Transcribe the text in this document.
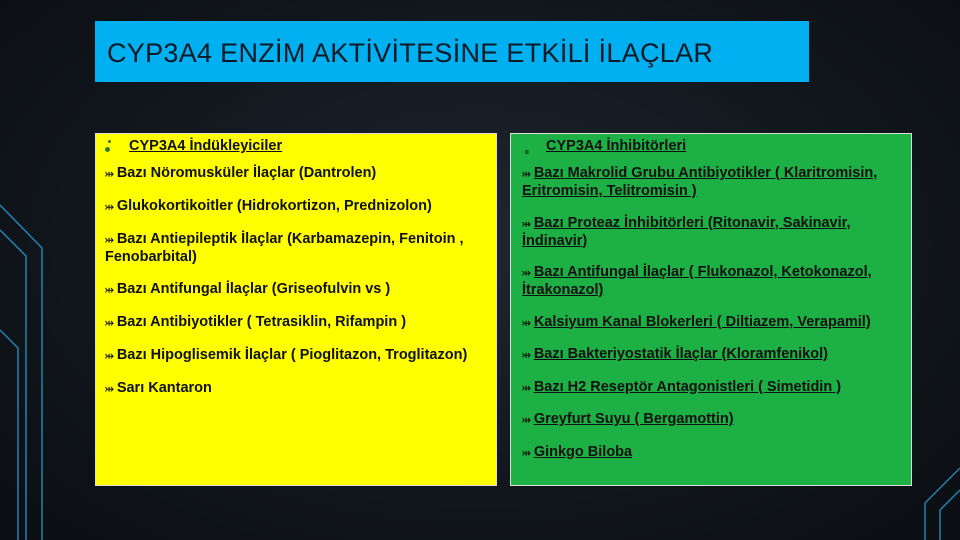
CYP3A4 ENZİM AKTİVİTESİNE ETKİLİ İLAÇLAR
CYP3A4 İndükleyiciler
⤔ Bazı Nöromusküler İlaçlar (Dantrolen)
⤔ Glukokortikoitler (Hidrokortizon, Prednizolon)
⤔ Bazı Antiepileptik İlaçlar (Karbamazepin, Fenitoin , Fenobarbital)
⤔ Bazı Antifungal İlaçlar (Griseofulvin vs )
⤔ Bazı Antibiyotikler ( Tetrasiklin, Rifampin )
⤔ Bazı Hipoglisemik İlaçlar ( Pioglitazon, Troglitazon)
⤔ Sarı Kantaron
CYP3A4 İnhibitörleri
⤔ Bazı Makrolid Grubu Antibiyotikler ( Klaritromisin, Eritromisin, Telitromisin )
⤔ Bazı Proteaz İnhibitörleri (Ritonavir, Sakinavir, İndinavir)
⤔ Bazı Antifungal İlaçlar ( Flukonazol, Ketokonazol, İtrakonazol)
⤔ Kalsiyum Kanal Blokerleri ( Diltiazem, Verapamil)
⤔ Bazı Bakteriyostatik İlaçlar (Kloramfenikol)
⤔ Bazı H2 Reseptör Antagonistleri ( Simetidin )
⤔ Greyfurt Suyu ( Bergamottin)
⤔ Ginkgo Biloba
